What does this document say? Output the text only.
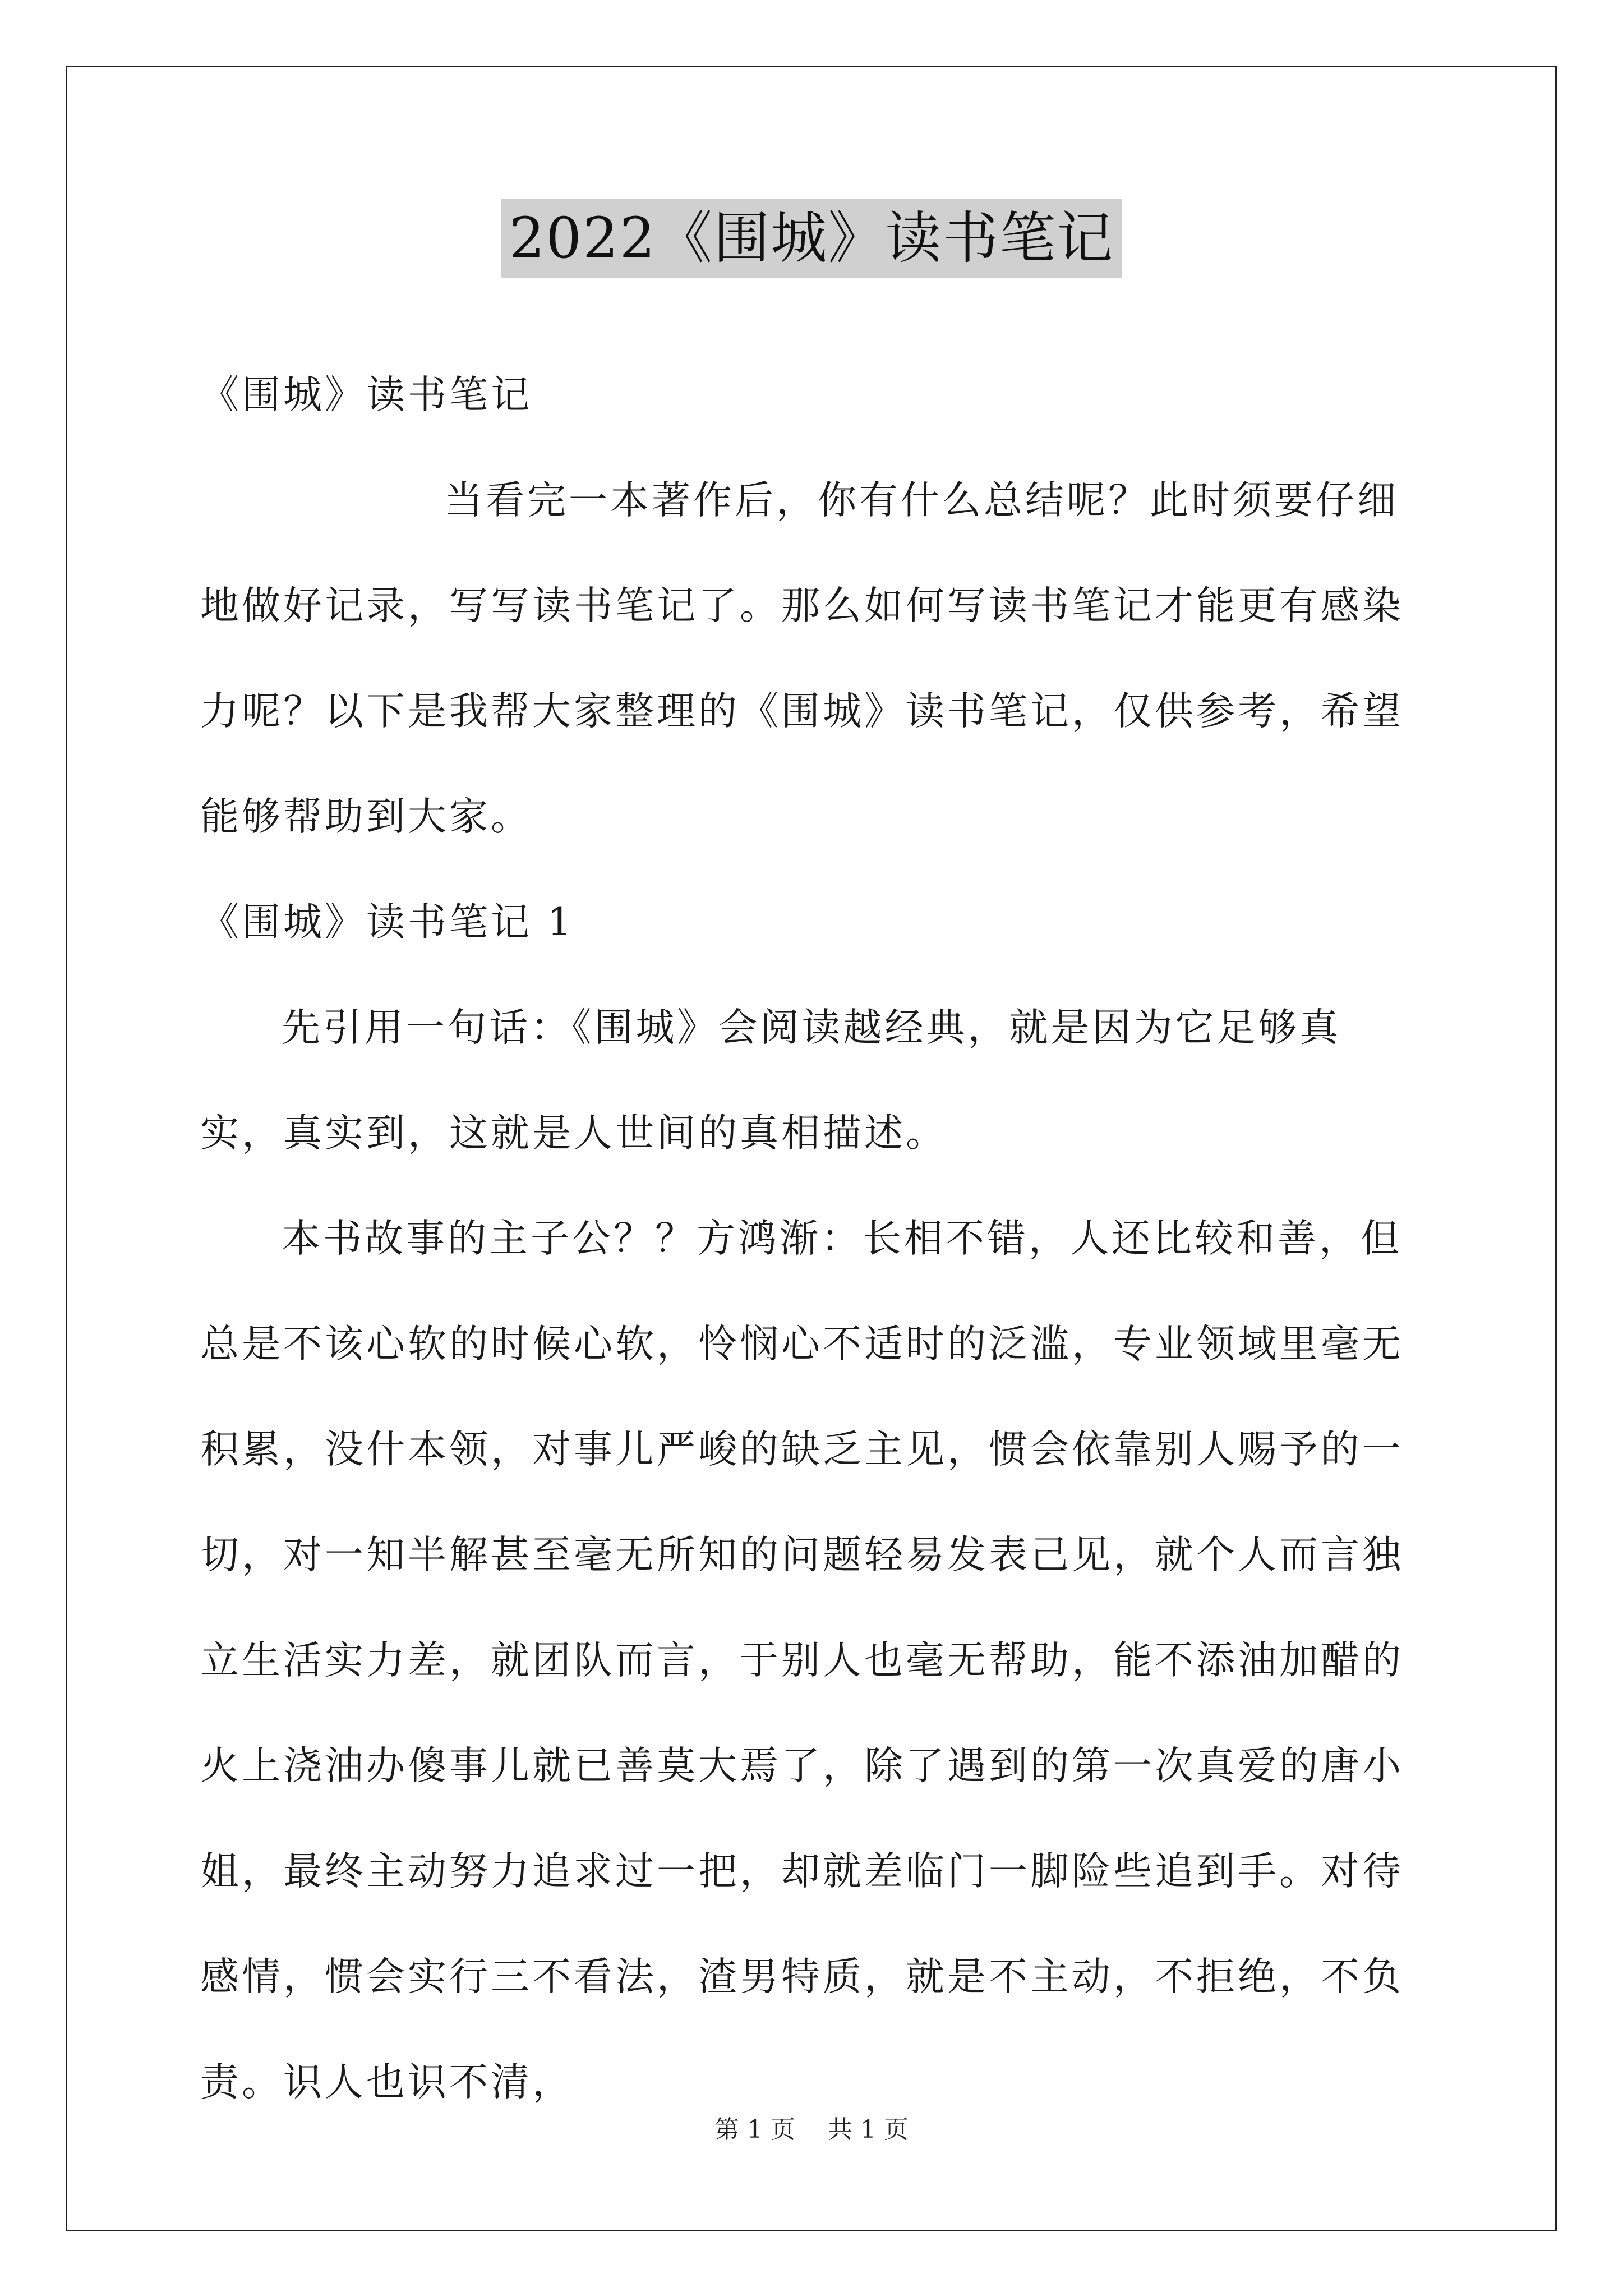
2022《围城》读书笔记

《围城》读书笔记

当看完一本著作后，你有什么总结呢？此时须要仔细地做好记录，写写读书笔记了。那么如何写读书笔记才能更有感染力呢？以下是我帮大家整理的《围城》读书笔记，仅供参考，希望能够帮助到大家。

《围城》读书笔记 1

先引用一句话：《围城》会阅读越经典，就是因为它足够真实，真实到，这就是人世间的真相描述。

本书故事的主子公？？方鸿渐：长相不错，人还比较和善，但总是不该心软的时候心软，怜悯心不适时的泛滥，专业领域里毫无积累，没什本领，对事儿严峻的缺乏主见，惯会依靠别人赐予的一切，对一知半解甚至毫无所知的问题轻易发表己见，就个人而言独立生活实力差，就团队而言，于别人也毫无帮助，能不添油加醋的火上浇油办傻事儿就已善莫大焉了，除了遇到的第一次真爱的唐小姐，最终主动努力追求过一把，却就差临门一脚险些追到手。对待感情，惯会实行三不看法，渣男特质，就是不主动，不拒绝，不负责。识人也识不清，

第 1 页 共 1 页
